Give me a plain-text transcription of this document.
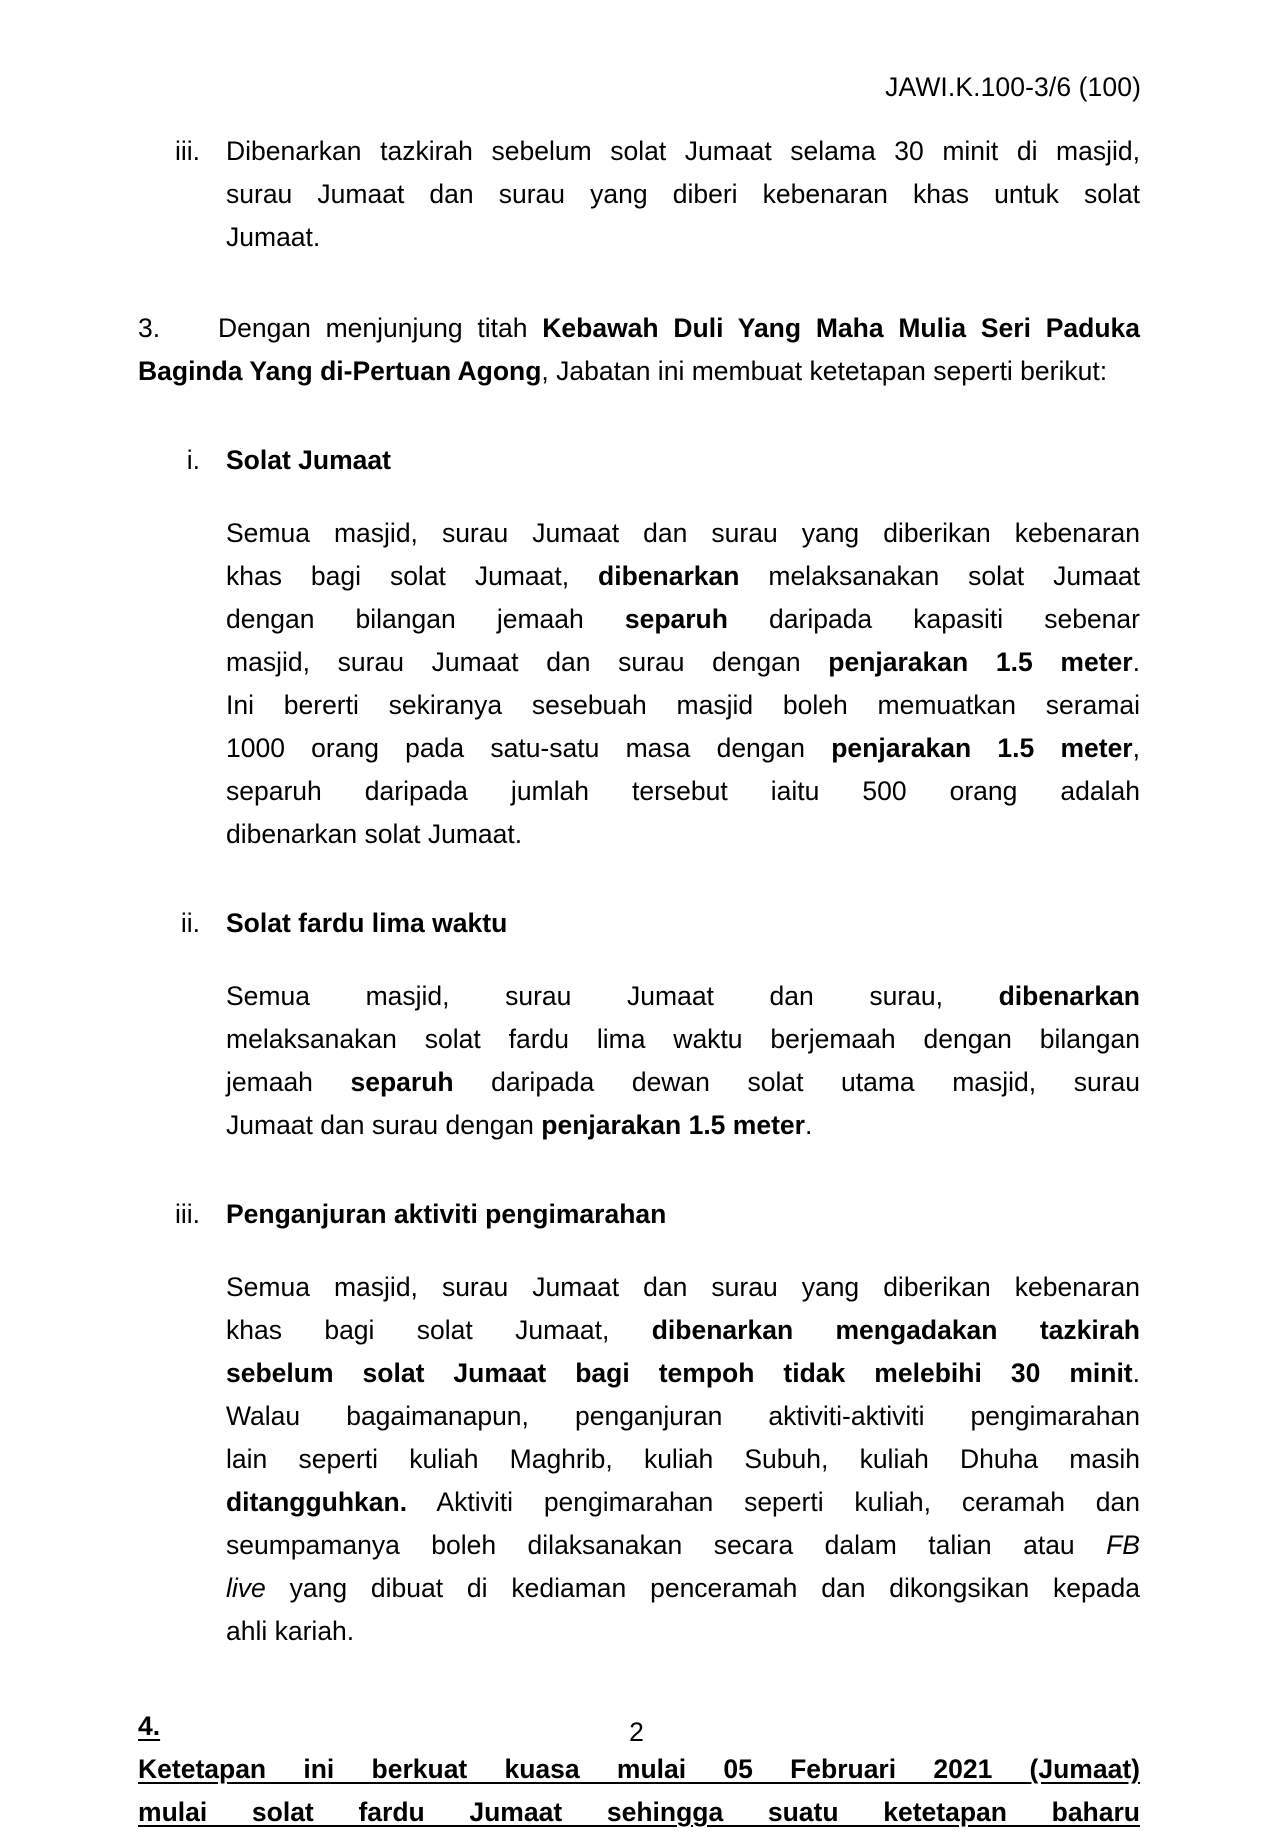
JAWI.K.100-3/6 (100)
iii. Dibenarkan tazkirah sebelum solat Jumaat selama 30 minit di masjid,
surau Jumaat dan surau yang diberi kebenaran khas untuk solat
Jumaat.
3. Dengan menjunjung titah Kebawah Duli Yang Maha Mulia Seri Paduka Baginda Yang di-Pertuan Agong, Jabatan ini membuat ketetapan seperti berikut:
i. Solat Jumaat
Semua masjid, surau Jumaat dan surau yang diberikan kebenaran
khas bagi solat Jumaat, dibenarkan melaksanakan solat Jumaat
dengan bilangan jemaah separuh daripada kapasiti sebenar
masjid, surau Jumaat dan surau dengan penjarakan 1.5 meter.
Ini bererti sekiranya sesebuah masjid boleh memuatkan seramai
1000 orang pada satu-satu masa dengan penjarakan 1.5 meter,
separuh daripada jumlah tersebut iaitu 500 orang adalah
dibenarkan solat Jumaat.
ii. Solat fardu lima waktu
Semua masjid, surau Jumaat dan surau, dibenarkan
melaksanakan solat fardu lima waktu berjemaah dengan bilangan
jemaah separuh daripada dewan solat utama masjid, surau
Jumaat dan surau dengan penjarakan 1.5 meter.
iii. Penganjuran aktiviti pengimarahan
Semua masjid, surau Jumaat dan surau yang diberikan kebenaran
khas bagi solat Jumaat, dibenarkan mengadakan tazkirah
sebelum solat Jumaat bagi tempoh tidak melebihi 30 minit.
Walau bagaimanapun, penganjuran aktiviti-aktiviti pengimarahan
lain seperti kuliah Maghrib, kuliah Subuh, kuliah Dhuha masih
ditangguhkan. Aktiviti pengimarahan seperti kuliah, ceramah dan
seumpamanya boleh dilaksanakan secara dalam talian atau FB
live yang dibuat di kediaman penceramah dan dikongsikan kepada
ahli kariah.
4.
Ketetapan ini berkuat kuasa mulai 05 Februari 2021 (Jumaat)
mulai solat fardu Jumaat sehingga suatu ketetapan baharu
2
